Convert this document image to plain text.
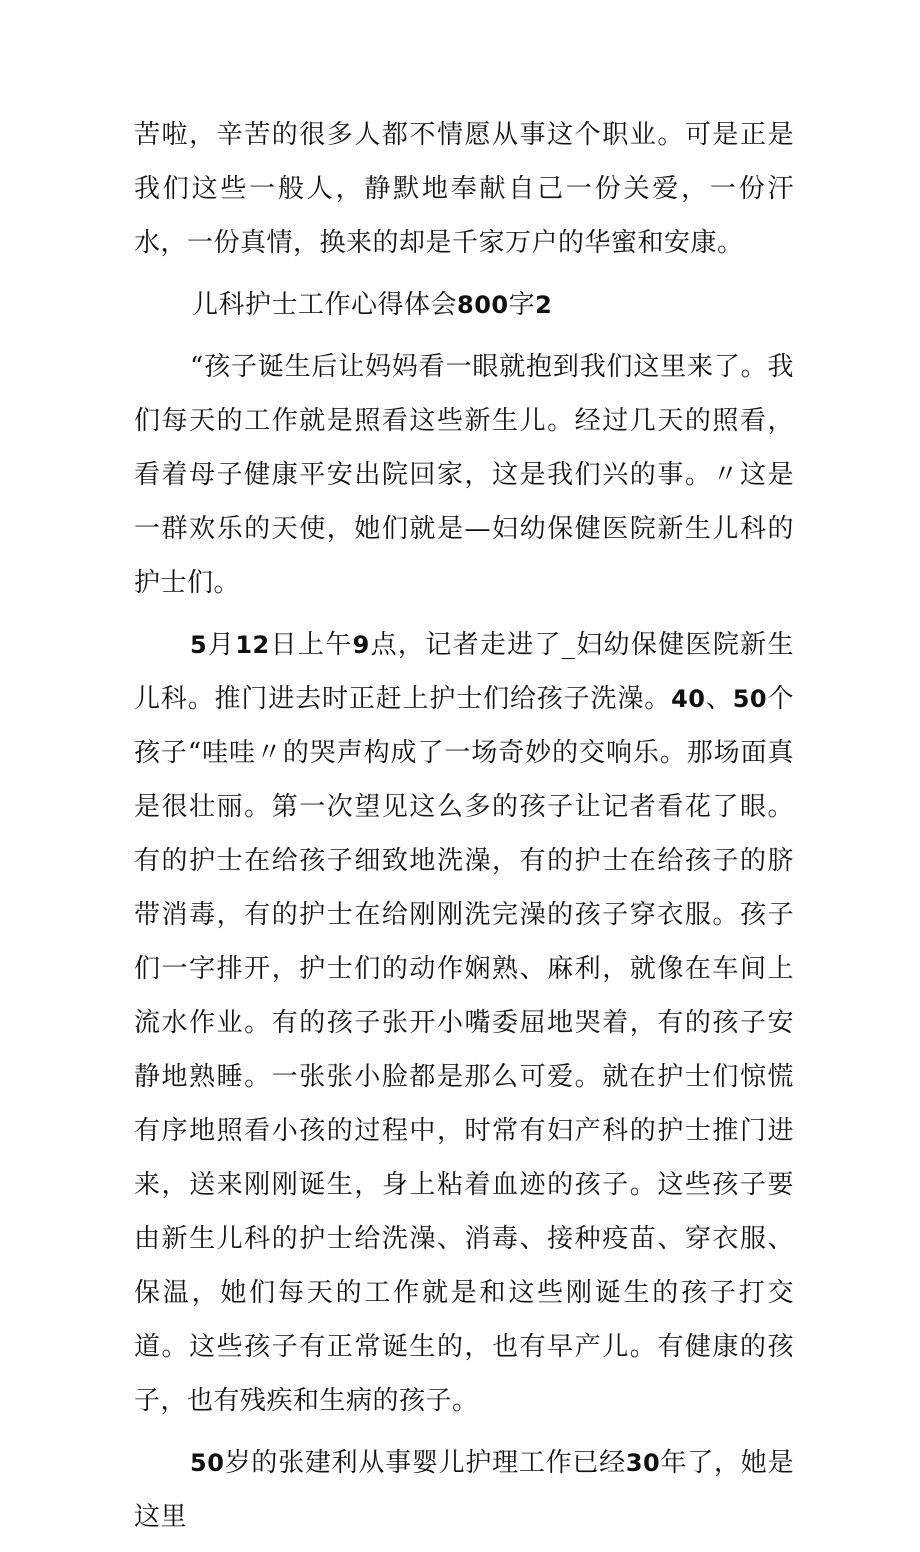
苦啦，辛苦的很多人都不情愿从事这个职业。可是正是我们这些一般人，静默地奉献自己一份关爱，一份汗水，一份真情，换来的却是千家万户的华蜜和安康。

儿科护士工作心得体会800字2

“孩子诞生后让妈妈看一眼就抱到我们这里来了。我们每天的工作就是照看这些新生儿。经过几天的照看，看着母子健康平安出院回家，这是我们兴的事。〃这是一群欢乐的天使，她们就是—妇幼保健医院新生儿科的护士们。

5月12日上午9点，记者走进了_妇幼保健医院新生儿科。推门进去时正赶上护士们给孩子洗澡。40、50个孩子“哇哇〃的哭声构成了一场奇妙的交响乐。那场面真是很壮丽。第一次望见这么多的孩子让记者看花了眼。有的护士在给孩子细致地洗澡，有的护士在给孩子的脐带消毒，有的护士在给刚刚洗完澡的孩子穿衣服。孩子们一字排开，护士们的动作娴熟、麻利，就像在车间上流水作业。有的孩子张开小嘴委屈地哭着，有的孩子安静地熟睡。一张张小脸都是那么可爱。就在护士们惊慌有序地照看小孩的过程中，时常有妇产科的护士推门进来，送来刚刚诞生，身上粘着血迹的孩子。这些孩子要由新生儿科的护士给洗澡、消毒、接种疫苗、穿衣服、保温，她们每天的工作就是和这些刚诞生的孩子打交道。这些孩子有正常诞生的，也有早产儿。有健康的孩子，也有残疾和生病的孩子。

50岁的张建利从事婴儿护理工作已经30年了，她是这里
